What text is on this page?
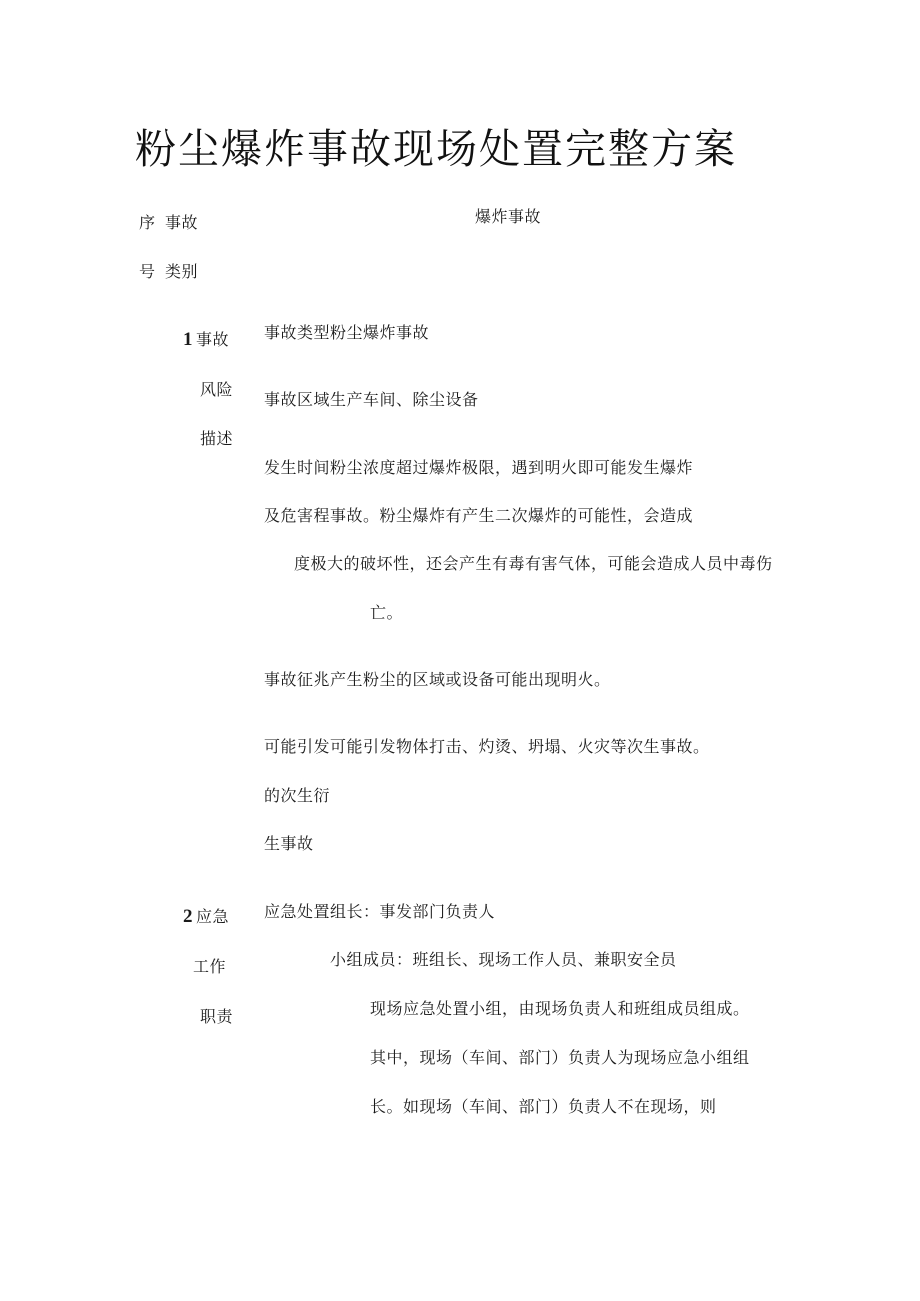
粉尘爆炸事故现场处置完整方案
序 事故	爆炸事故
号 类别
1 事故
风险
描述
事故类型粉尘爆炸事故
事故区域生产车间、除尘设备
发生时间粉尘浓度超过爆炸极限，遇到明火即可能发生爆炸
及危害程事故。粉尘爆炸有产生二次爆炸的可能性，会造成
度极大的破坏性，还会产生有毒有害气体，可能会造成人员中毒伤
亡。
事故征兆产生粉尘的区域或设备可能出现明火。
可能引发可能引发物体打击、灼烫、坍塌、火灾等次生事故。
的次生衍
生事故
2 应急
工作
职责
应急处置组长：事发部门负责人
小组成员：班组长、现场工作人员、兼职安全员
现场应急处置小组，由现场负责人和班组成员组成。
其中，现场（车间、部门）负责人为现场应急小组组
长。如现场（车间、部门）负责人不在现场，则
